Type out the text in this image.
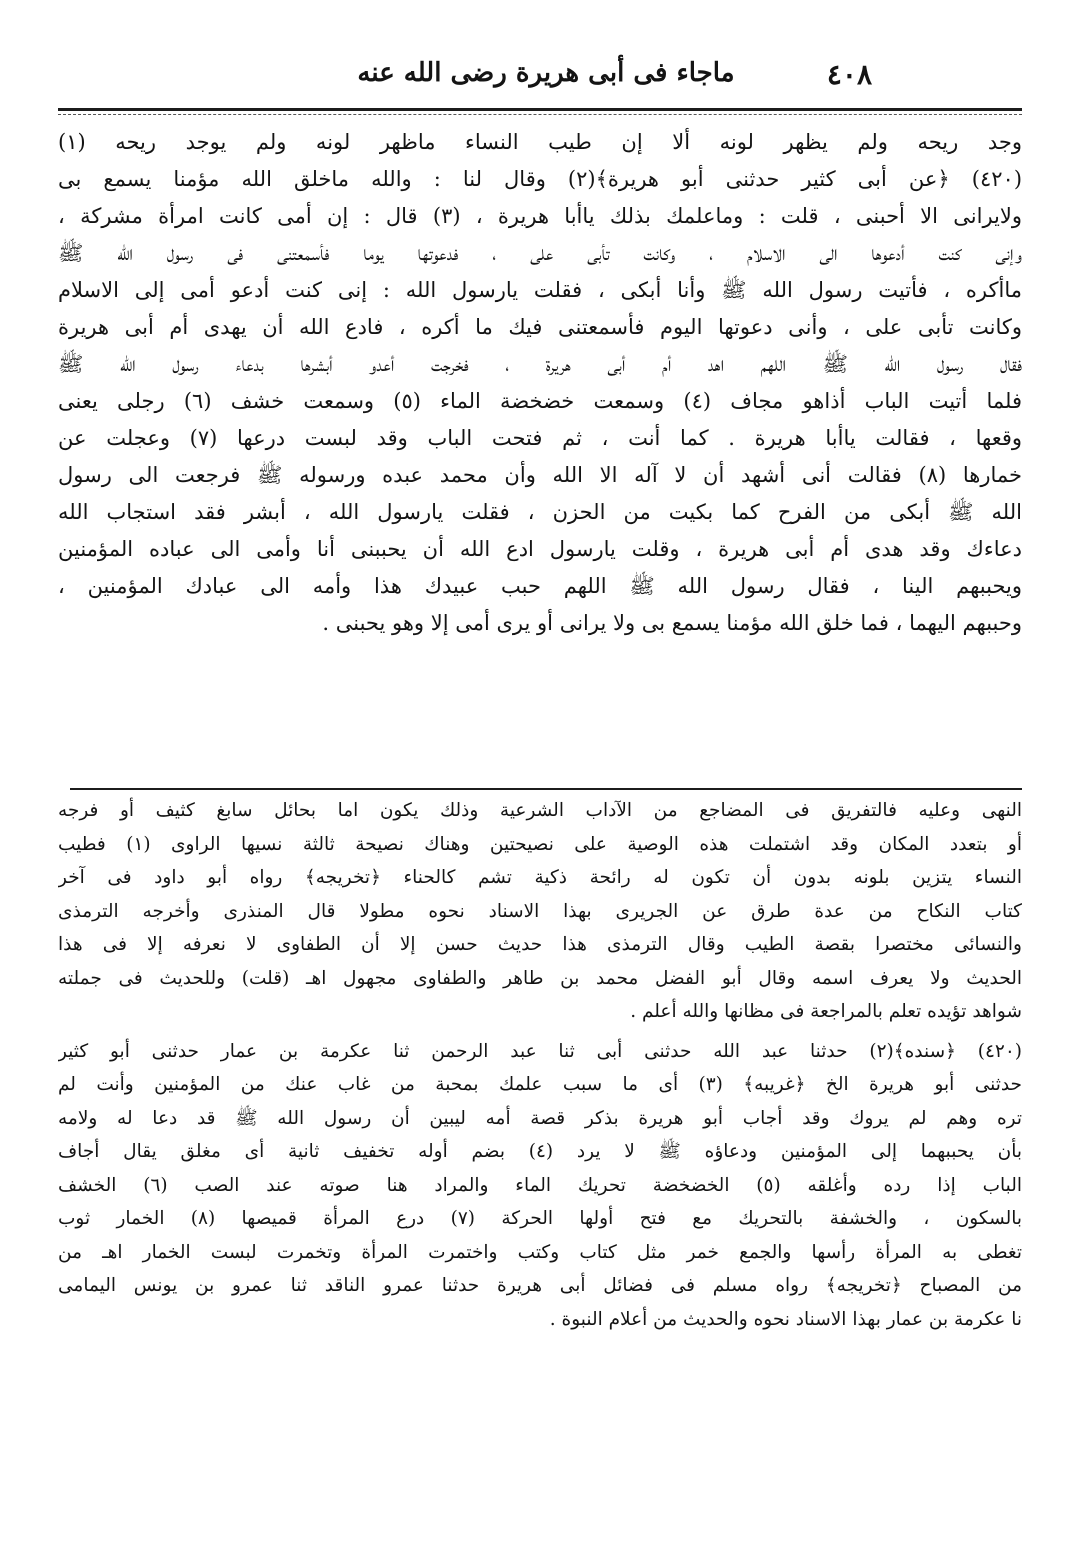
٤٠٨
ماجاء فى أبى هريرة رضى الله عنه
وجد ريحه ولم يظهر لونه ألا إن طيب النساء ماظهر لونه ولم يوجد ريحه (١)
(٤٢٠) ﴿عن أبى كثير حدثنى أبو هريرة﴾(٢) وقال لنا : والله ماخلق الله مؤمنا يسمع بى
ولايرانى الا أحبنى ، قلت : وماعلمك بذلك ياأبا هريرة ، (٣) قال : إن أمى كانت امرأة مشركة ،
وإنى كنت أدعوها الى الاسلام ، وكانت تأبى على ، فدعوتها يوما فأسمعتنى فى رسول الله ﷺ
ماأكره ، فأتيت رسول الله ﷺ وأنا أبكى ، فقلت يارسول الله : إنى كنت أدعو أمى إلى الاسلام
وكانت تأبى على ، وأنى دعوتها اليوم فأسمعتنى فيك ما أكره ، فادع الله أن يهدى أم أبى هريرة
فقال رسول الله ﷺ اللهم اهد أم أبى هريرة ، فخرجت أعدو أبشرها بدعاء رسول الله ﷺ
فلما أتيت الباب أذاهو مجاف (٤) وسمعت خضخضة الماء (٥) وسمعت خشف (٦) رجلى يعنى
وقعها ، فقالت ياأبا هريرة . كما أنت ، ثم فتحت الباب وقد لبست درعها (٧) وعجلت عن
خمارها (٨) فقالت أنى أشهد أن لا آله الا الله وأن محمد عبده ورسوله ﷺ فرجعت الى رسول
الله ﷺ أبكى من الفرح كما بكيت من الحزن ، فقلت يارسول الله ، أبشر فقد استجاب الله
دعاءك وقد هدى أم أبى هريرة ، وقلت يارسول ادع الله أن يحببنى أنا وأمى الى عباده المؤمنين
ويحببهم الينا ، فقال رسول الله ﷺ اللهم حبب عبيدك هذا وأمه الى عبادك المؤمنين ،
وحببهم اليهما ، فما خلق الله مؤمنا يسمع بى ولا يرانى أو يرى أمى إلا وهو يحبنى .
النهى وعليه فالتفريق فى المضاجع من الآداب الشرعية وذلك يكون اما بحائل سابغ كثيف أو فرجه
أو بتعدد المكان وقد اشتملت هذه الوصية على نصيحتين وهناك نصيحة ثالثة نسيها الراوى (١) فطيب
النساء يتزين بلونه بدون أن تكون له رائحة ذكية تشم كالحناء ﴿تخريجه﴾ رواه أبو داود فى آخر
كتاب النكاح من عدة طرق عن الجريرى بهذا الاسناد نحوه مطولا قال المنذرى وأخرجه الترمذى
والنسائى مختصرا بقصة الطيب وقال الترمذى هذا حديث حسن إلا أن الطفاوى لا نعرفه إلا فى هذا
الحديث ولا يعرف اسمه وقال أبو الفضل محمد بن طاهر والطفاوى مجهول اهـ (قلت) وللحديث فى جملته
شواهد تؤيده تعلم بالمراجعة فى مظانها والله أعلم .
(٤٢٠) ﴿سنده﴾(٢) حدثنا عبد الله حدثنى أبى ثنا عبد الرحمن ثنا عكرمة بن عمار حدثنى أبو كثير
حدثنى أبو هريرة الخ ﴿غريبه﴾ (٣) أى ما سبب علمك بمحبة من غاب عنك من المؤمنين وأنت لم
تره وهم لم يروك وقد أجاب أبو هريرة بذكر قصة أمه ليبين أن رسول الله ﷺ قد دعا له ولامه
بأن يحببهما إلى المؤمنين ودعاؤه ﷺ لا يرد (٤) بضم أوله تخفيف ثانية أى مغلق يقال أجاف
الباب إذا رده وأغلقه (٥) الخضخضة تحريك الماء والمراد هنا صوته عند الصب (٦) الخشف
بالسكون ، والخشفة بالتحريك مع فتح أولها الحركة (٧) درع المرأة قميصها (٨) الخمار ثوب
تغطى به المرأة رأسها والجمع خمر مثل كتاب وكتب واختمرت المرأة وتخمرت لبست الخمار اهـ من
من المصباح ﴿تخريجه﴾ رواه مسلم فى فضائل أبى هريرة حدثنا عمرو الناقد ثنا عمرو بن يونس اليمامى
نا عكرمة بن عمار بهذا الاسناد نحوه والحديث من أعلام النبوة .
